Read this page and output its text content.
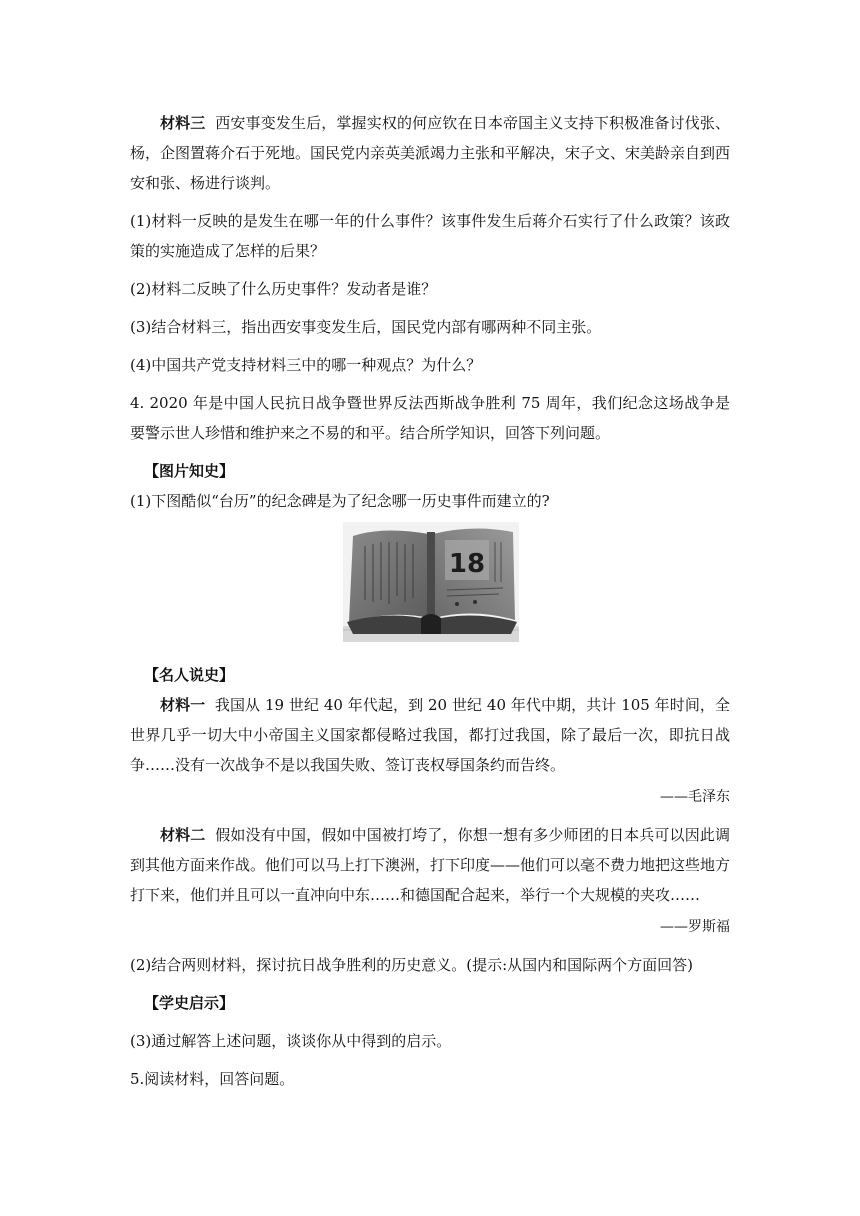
材料三 西安事变发生后，掌握实权的何应钦在日本帝国主义支持下积极准备讨伐张、杨，企图置蒋介石于死地。国民党内亲英美派竭力主张和平解决，宋子文、宋美龄亲自到西安和张、杨进行谈判。

(1)材料一反映的是发生在哪一年的什么事件？该事件发生后蒋介石实行了什么政策？该政策的实施造成了怎样的后果？

(2)材料二反映了什么历史事件？发动者是谁？

(3)结合材料三，指出西安事变发生后，国民党内部有哪两种不同主张。

(4)中国共产党支持材料三中的哪一种观点？为什么？

4. 2020 年是中国人民抗日战争暨世界反法西斯战争胜利 75 周年，我们纪念这场战争是要警示世人珍惜和维护来之不易的和平。结合所学知识，回答下列问题。

【图片知史】

(1)下图酷似“台历”的纪念碑是为了纪念哪一历史事件而建立的?

18
【名人说史】

材料一 我国从 19 世纪 40 年代起，到 20 世纪 40 年代中期，共计 105 年时间，全世界几乎一切大中小帝国主义国家都侵略过我国，都打过我国，除了最后一次，即抗日战争……没有一次战争不是以我国失败、签订丧权辱国条约而告终。

——毛泽东

材料二 假如没有中国，假如中国被打垮了，你想一想有多少师团的日本兵可以因此调到其他方面来作战。他们可以马上打下澳洲，打下印度——他们可以毫不费力地把这些地方打下来，他们并且可以一直冲向中东……和德国配合起来，举行一个大规模的夹攻……

——罗斯福

(2)结合两则材料，探讨抗日战争胜利的历史意义。(提示:从国内和国际两个方面回答)

【学史启示】

(3)通过解答上述问题，谈谈你从中得到的启示。

5.阅读材料，回答问题。
